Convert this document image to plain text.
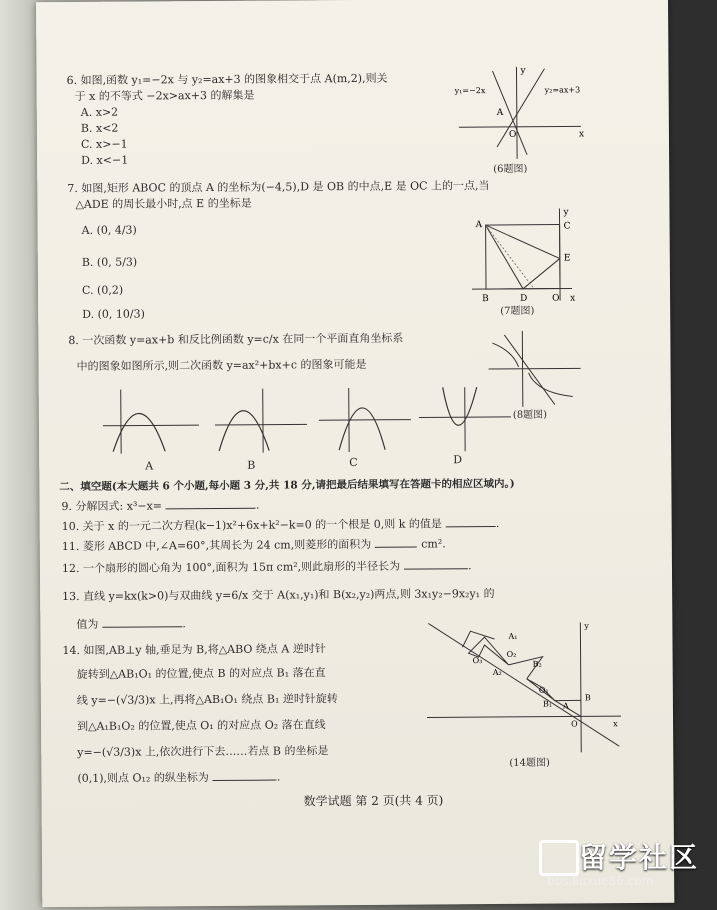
6. 如图,函数 y₁=−2x 与 y₂=ax+3 的图象相交于点 A(m,2),则关
于 x 的不等式 −2x>ax+3 的解集是
A. x>2
B. x<2
C. x>−1
D. x<−1
y₁=−2x	y₂=ax+3
A
O	x
y
(6题图)
7. 如图,矩形 ABOC 的顶点 A 的坐标为(−4,5),D 是 OB 的中点,E 是 OC 上的一点,当
△ADE 的周长最小时,点 E 的坐标是
A. (0, 4/3)
B. (0, 5/3)
C. (0,2)
D. (0, 10/3)
A	C
E
B	D	O x
y
(7题图)
8. 一次函数 y=ax+b 和反比例函数 y=c/x 在同一个平面直角坐标系
中的图象如图所示,则二次函数 y=ax²+bx+c 的图象可能是
(8题图)
A	B	C	D
二、填空题(本大题共 6 个小题,每小题 3 分,共 18 分,请把最后结果填写在答题卡的相应区域内。)
9. 分解因式: x³−x=	.
10. 关于 x 的一元二次方程(k−1)x²+6x+k²−k=0 的一个根是 0,则 k 的值是	.
11. 菱形 ABCD 中,∠A=60°,其周长为 24 cm,则菱形的面积为	cm².
12. 一个扇形的圆心角为 100°,面积为 15π cm²,则此扇形的半径长为	.
13. 直线 y=kx(k>0)与双曲线 y=6/x 交于 A(x₁,y₁)和 B(x₂,y₂)两点,则 3x₁y₂−9x₂y₁ 的
值为	.
14. 如图,AB⊥y 轴,垂足为 B,将△ABO 绕点 A 逆时针
旋转到△AB₁O₁ 的位置,使点 B 的对应点 B₁ 落在直
线 y=−(√3/3)x 上,再将△AB₁O₁ 绕点 B₁ 逆时针旋转
到△A₁B₁O₂ 的位置,使点 O₁ 的对应点 O₂ 落在直线
y=−(√3/3)x 上,依次进行下去……若点 B 的坐标是
(0,1),则点 O₁₂ 的纵坐标为	.
A₁
O₃
O₂
A₂
B₂
O₁
B₁ A
B
O	x
y
(14题图)
数学试题 第 2 页(共 4 页)
留学社区
bbs.liuxue86.com
